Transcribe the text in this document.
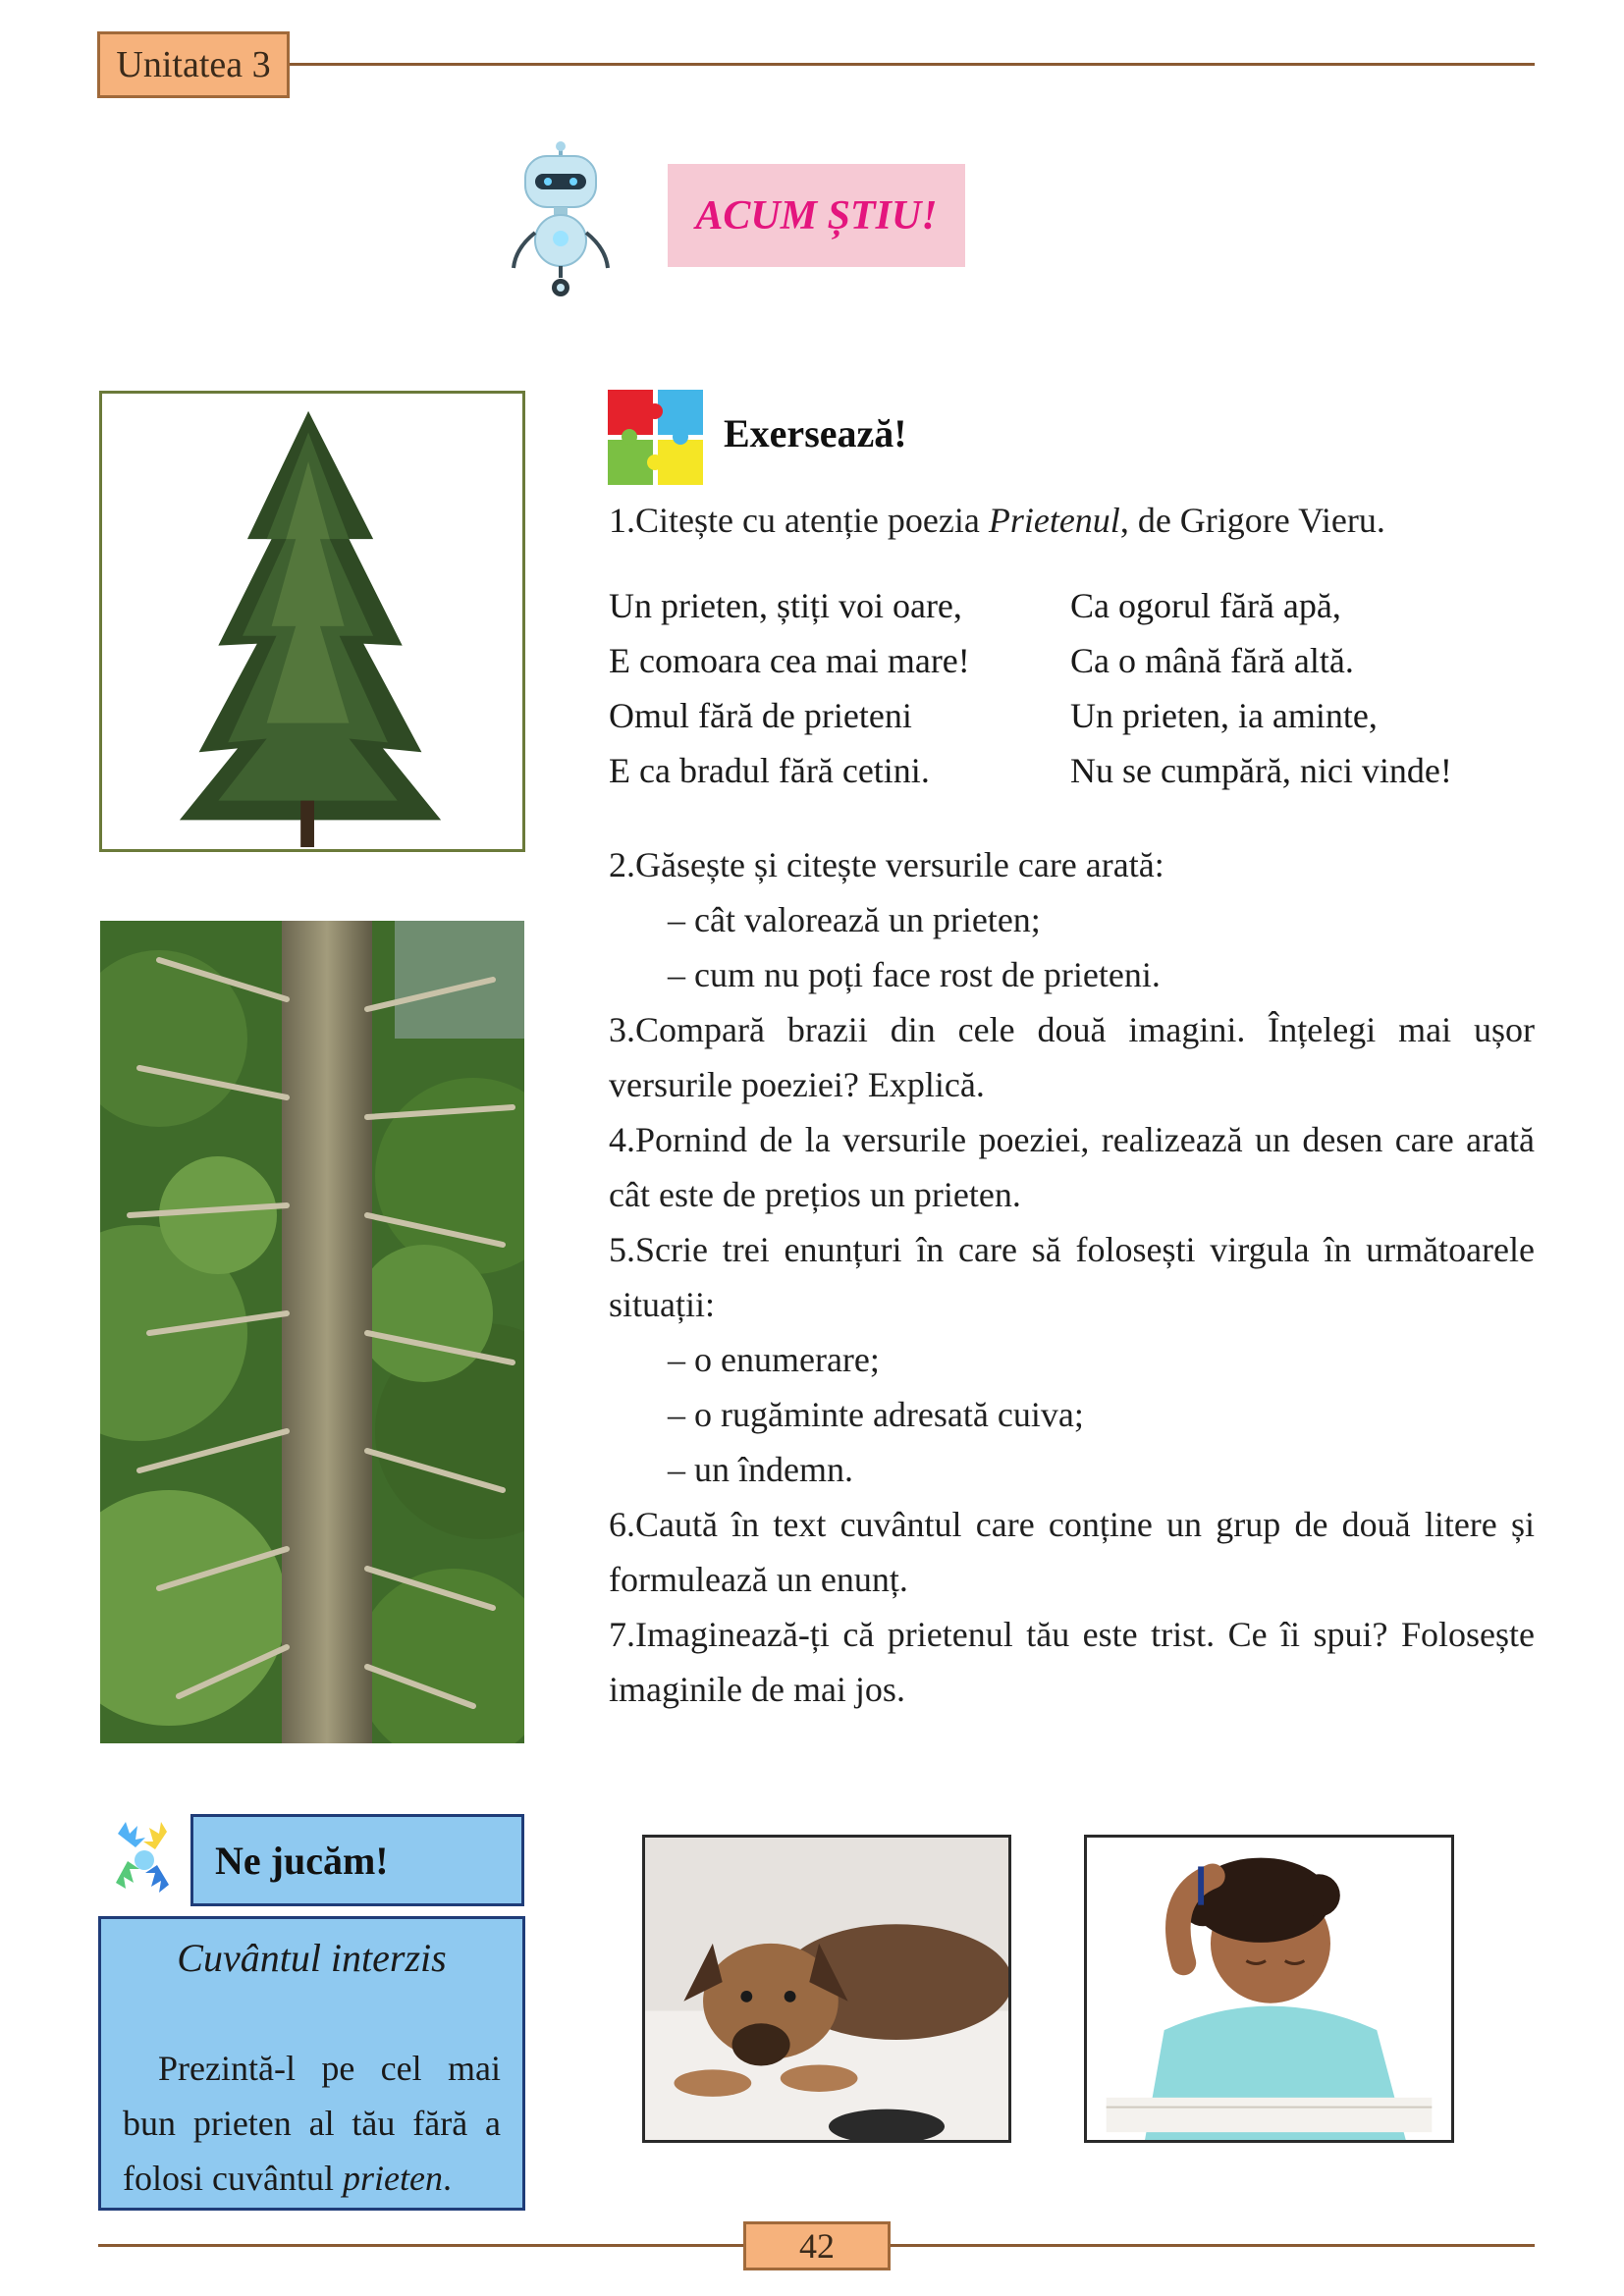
Unitatea 3
ACUM ȘTIU!
Exersează!
1.Citește cu atenție poezia Prietenul, de Grigore Vieru.
Un prieten, știți voi oare,
E comoara cea mai mare!
Omul fără de prieteni
E ca bradul fără cetini.
Ca ogorul fără apă,
Ca o mână fără altă.
Un prieten, ia aminte,
Nu se cumpără, nici vinde!

2.Găsește și citește versurile care arată:

– cât valorează un prieten;

– cum nu poți face rost de prieteni.

3.Compară brazii din cele două imagini. Înțelegi mai ușor versurile poeziei? Explică.

4.Pornind de la versurile poeziei, realizează un desen care arată cât este de prețios un prieten.

5.Scrie trei enunțuri în care să folosești virgula în următoarele situații:

– o enumerare;

– o rugăminte adresată cuiva;

– un îndemn.

6.Caută în text cuvântul care conține un grup de două litere și formulează un enunț.

7.Imaginează-ți că prietenul tău este trist. Ce îi spui? Folosește imaginile de mai jos.

Ne jucăm!
Cuvântul interzis
Prezintă-l pe cel mai bun prieten al tău fără a folosi cuvântul prieten.
42
